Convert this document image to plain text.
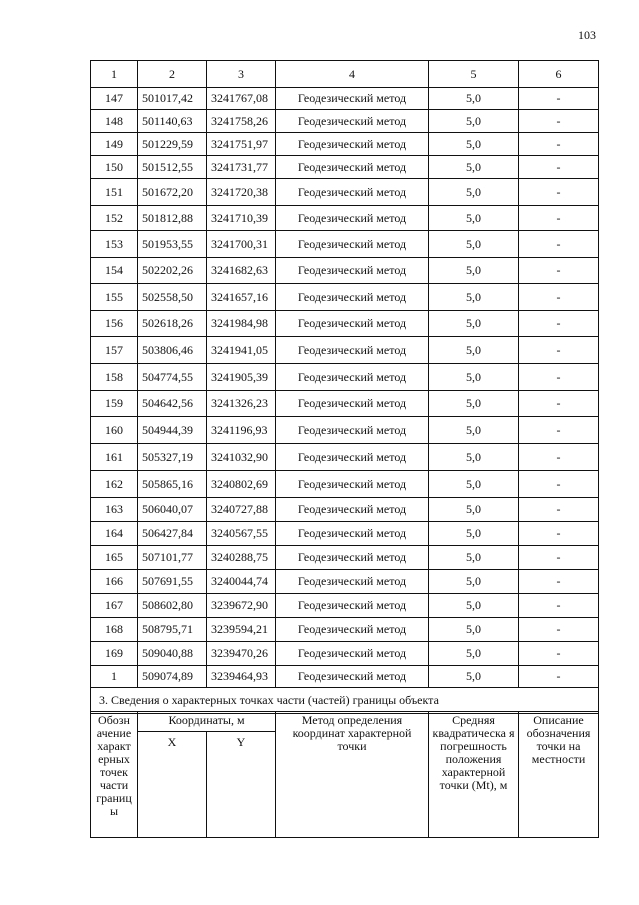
103
1	2	3	4	5	6
147	501017,42	3241767,08	Геодезический метод	5,0	-
148	501140,63	3241758,26	Геодезический метод	5,0	-
149	501229,59	3241751,97	Геодезический метод	5,0	-
150	501512,55	3241731,77	Геодезический метод	5,0	-
151	501672,20	3241720,38	Геодезический метод	5,0	-
152	501812,88	3241710,39	Геодезический метод	5,0	-
153	501953,55	3241700,31	Геодезический метод	5,0	-
154	502202,26	3241682,63	Геодезический метод	5,0	-
155	502558,50	3241657,16	Геодезический метод	5,0	-
156	502618,26	3241984,98	Геодезический метод	5,0	-
157	503806,46	3241941,05	Геодезический метод	5,0	-
158	504774,55	3241905,39	Геодезический метод	5,0	-
159	504642,56	3241326,23	Геодезический метод	5,0	-
160	504944,39	3241196,93	Геодезический метод	5,0	-
161	505327,19	3241032,90	Геодезический метод	5,0	-
162	505865,16	3240802,69	Геодезический метод	5,0	-
163	506040,07	3240727,88	Геодезический метод	5,0	-
164	506427,84	3240567,55	Геодезический метод	5,0	-
165	507101,77	3240288,75	Геодезический метод	5,0	-
166	507691,55	3240044,74	Геодезический метод	5,0	-
167	508602,80	3239672,90	Геодезический метод	5,0	-
168	508795,71	3239594,21	Геодезический метод	5,0	-
169	509040,88	3239470,26	Геодезический метод	5,0	-
1	509074,89	3239464,93	Геодезический метод	5,0	-
3. Сведения о характерных точках части (частей) границы объекта					
Обозн ачение характ ерных точек части границ ы	Координаты, м		Метод определения координат характерной точки	Средняя квадратическа я погрешность положения характерной точки (Mt), м	Описание обозначения точки на местности
	X	Y			
